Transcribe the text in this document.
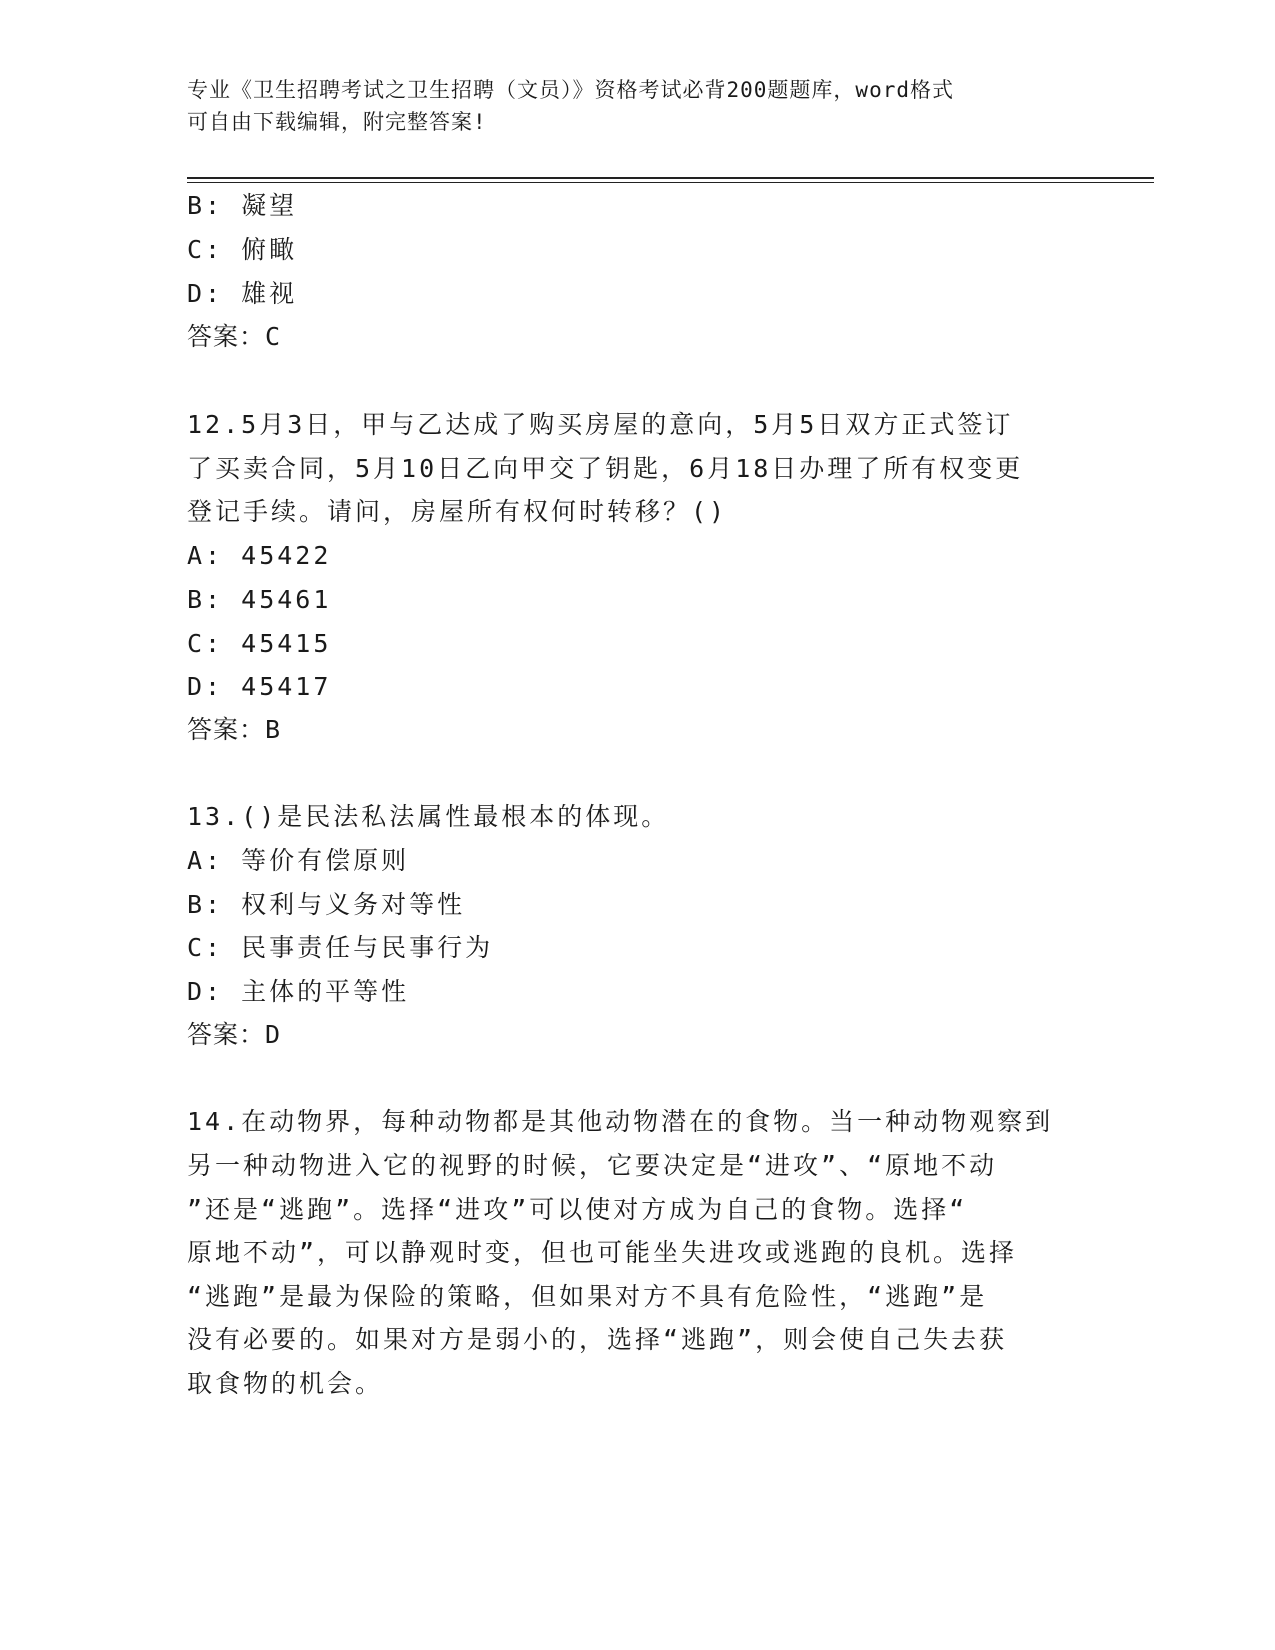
专业《卫生招聘考试之卫生招聘（文员）》资格考试必背200题题库，word格式
可自由下载编辑，附完整答案!
B: 凝望
C: 俯瞰
D: 雄视
答案：C
12.5月3日，甲与乙达成了购买房屋的意向，5月5日双方正式签订
了买卖合同，5月10日乙向甲交了钥匙，6月18日办理了所有权变更
登记手续。请问，房屋所有权何时转移？()
A: 45422
B: 45461
C: 45415
D: 45417
答案：B
13.()是民法私法属性最根本的体现。
A: 等价有偿原则
B: 权利与义务对等性
C: 民事责任与民事行为
D: 主体的平等性
答案：D
14.在动物界，每种动物都是其他动物潜在的食物。当一种动物观察到
另一种动物进入它的视野的时候，它要决定是“进攻”、“原地不动
”还是“逃跑”。选择“进攻”可以使对方成为自己的食物。选择“
原地不动”，可以静观时变，但也可能坐失进攻或逃跑的良机。选择
“逃跑”是最为保险的策略，但如果对方不具有危险性，“逃跑”是
没有必要的。如果对方是弱小的，选择“逃跑”，则会使自己失去获
取食物的机会。
